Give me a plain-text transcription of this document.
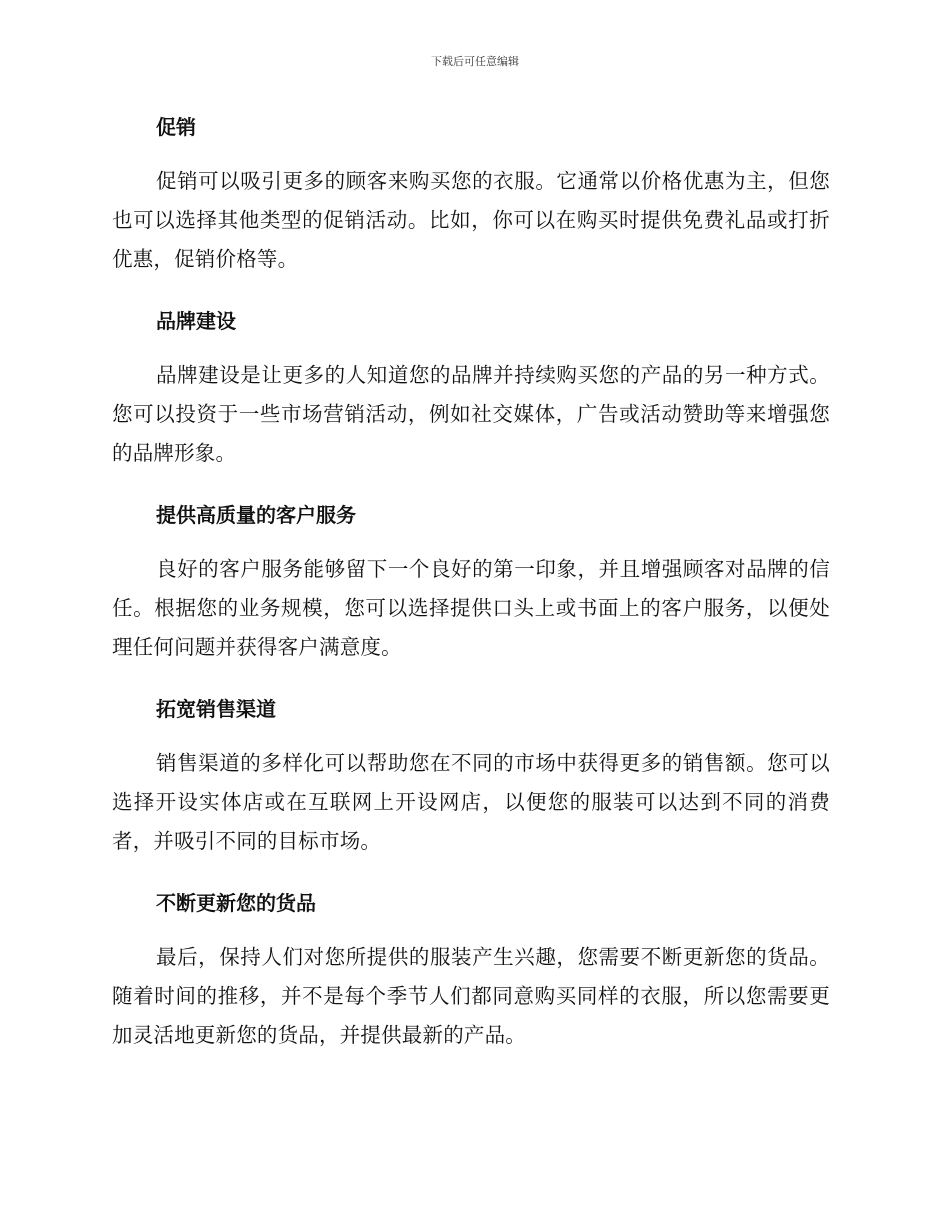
下载后可任意编辑
促销

促销可以吸引更多的顾客来购买您的衣服。它通常以价格优惠为主，但您也可以选择其他类型的促销活动。比如，你可以在购买时提供免费礼品或打折优惠，促销价格等。

品牌建设

品牌建设是让更多的人知道您的品牌并持续购买您的产品的另一种方式。您可以投资于一些市场营销活动，例如社交媒体，广告或活动赞助等来增强您的品牌形象。

提供高质量的客户服务

良好的客户服务能够留下一个良好的第一印象，并且增强顾客对品牌的信任。根据您的业务规模，您可以选择提供口头上或书面上的客户服务，以便处理任何问题并获得客户满意度。

拓宽销售渠道

销售渠道的多样化可以帮助您在不同的市场中获得更多的销售额。您可以选择开设实体店或在互联网上开设网店，以便您的服装可以达到不同的消费者，并吸引不同的目标市场。

不断更新您的货品

最后，保持人们对您所提供的服装产生兴趣，您需要不断更新您的货品。随着时间的推移，并不是每个季节人们都同意购买同样的衣服，所以您需要更加灵活地更新您的货品，并提供最新的产品。
